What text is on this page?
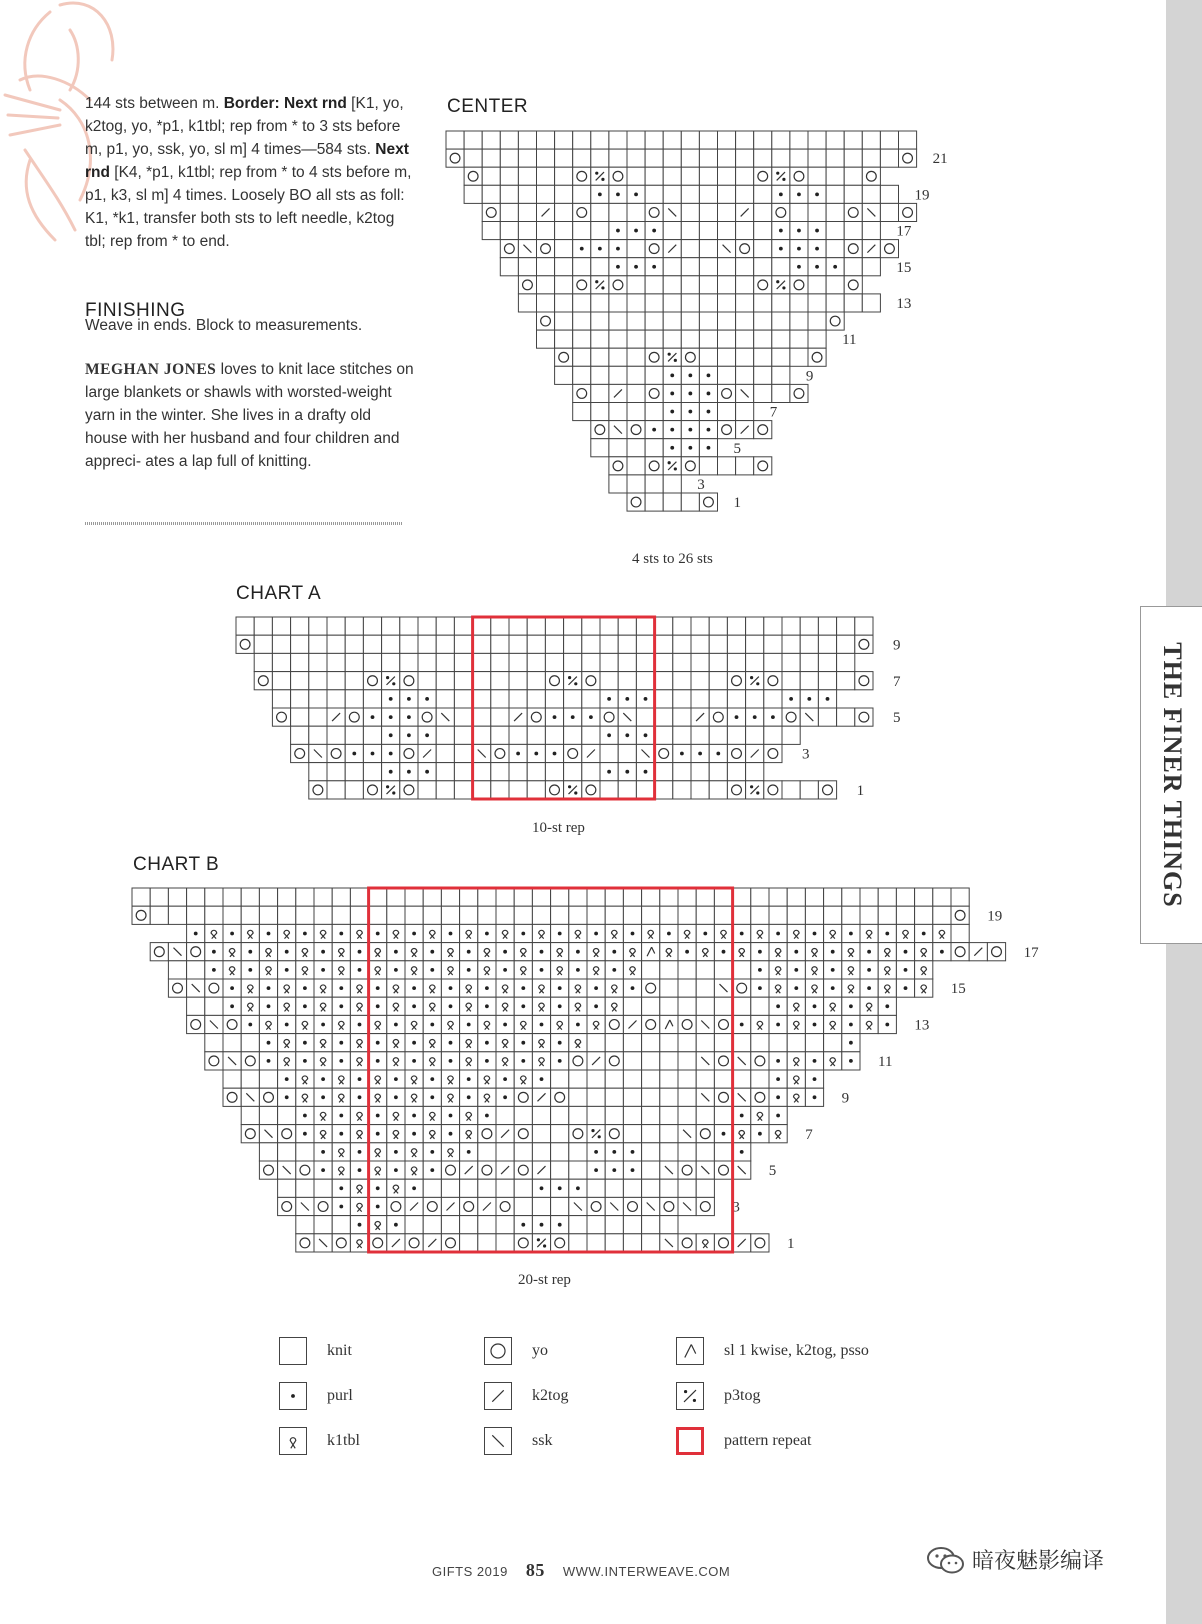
THE FINER THINGS
144 sts between m. Border: Next rnd [K1, yo, k2tog, yo, *p1, k1tbl; rep from * to 3 sts before m, p1, yo, ssk, yo, sl m] 4 times—584 sts. Next rnd [K4, *p1, k1tbl; rep from * to 4 sts before m, p1, k3, sl m] 4 times. Loosely BO all sts as foll: K1, *k1, transfer both sts to left needle, k2tog tbl; rep from * to end.
FINISHING
Weave in ends. Block to measurements.
MEGHAN JONES loves to knit lace stitches on large blankets or shawls with worsted-weight yarn in the winter. She lives in a drafty old house with her husband and four children and appreci- ates a lap full of knitting.
CENTER
21
19
17
15
13
11
9
7
5
3
1
4 sts to 26 sts
CHART A
9
7
5
3
1
10-st rep
CHART B
19
17
15
13
11
9
7
5
3
1
20-st rep
knit
purl
k1tbl
yo
k2tog
ssk
sl 1 kwise, k2tog, psso
p3tog
pattern repeat
GIFTS 2019 85 WWW.INTERWEAVE.COM	暗夜魅影编译
